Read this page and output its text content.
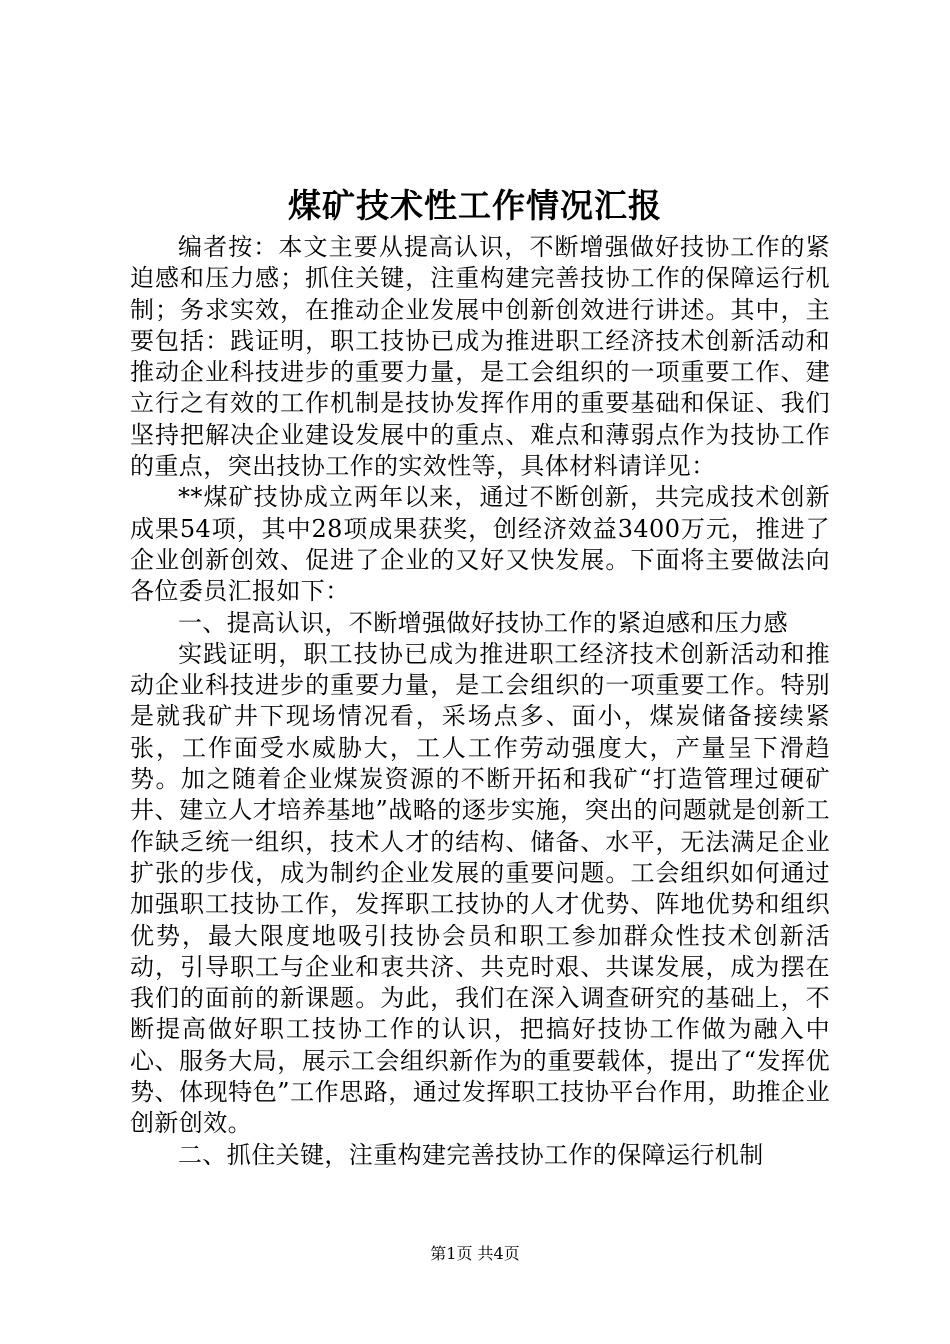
煤矿技术性工作情况汇报

编者按：本文主要从提高认识，不断增强做好技协工作的紧迫感和压力感；抓住关键，注重构建完善技协工作的保障运行机制；务求实效，在推动企业发展中创新创效进行讲述。其中，主要包括：践证明，职工技协已成为推进职工经济技术创新活动和推动企业科技进步的重要力量，是工会组织的一项重要工作、建立行之有效的工作机制是技协发挥作用的重要基础和保证、我们坚持把解决企业建设发展中的重点、难点和薄弱点作为技协工作的重点，突出技协工作的实效性等，具体材料请详见：

**煤矿技协成立两年以来，通过不断创新，共完成技术创新成果54项，其中28项成果获奖，创经济效益3400万元，推进了企业创新创效、促进了企业的又好又快发展。下面将主要做法向各位委员汇报如下：

一、提高认识，不断增强做好技协工作的紧迫感和压力感

实践证明，职工技协已成为推进职工经济技术创新活动和推动企业科技进步的重要力量，是工会组织的一项重要工作。特别是就我矿井下现场情况看，采场点多、面小，煤炭储备接续紧张，工作面受水威胁大，工人工作劳动强度大，产量呈下滑趋势。加之随着企业煤炭资源的不断开拓和我矿“打造管理过硬矿井、建立人才培养基地”战略的逐步实施，突出的问题就是创新工作缺乏统一组织，技术人才的结构、储备、水平，无法满足企业扩张的步伐，成为制约企业发展的重要问题。工会组织如何通过加强职工技协工作，发挥职工技协的人才优势、阵地优势和组织优势，最大限度地吸引技协会员和职工参加群众性技术创新活动，引导职工与企业和衷共济、共克时艰、共谋发展，成为摆在我们的面前的新课题。为此，我们在深入调查研究的基础上，不断提高做好职工技协工作的认识，把搞好技协工作做为融入中心、服务大局，展示工会组织新作为的重要载体，提出了“发挥优势、体现特色”工作思路，通过发挥职工技协平台作用，助推企业创新创效。

二、抓住关键，注重构建完善技协工作的保障运行机制

第1页 共4页
